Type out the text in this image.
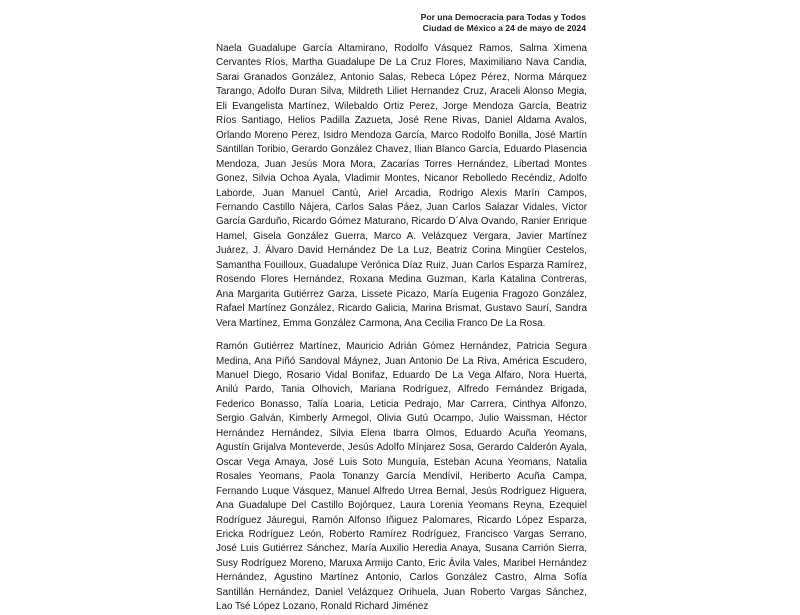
Por una Democracia para Todas y Todos
Ciudad de México a 24 de mayo de 2024

Naela Guadalupe García Altamirano, Rodolfo Vásquez Ramos, Salma Ximena Cervantes Ríos, Martha Guadalupe De La Cruz Flores, Maximiliano Nava Candia, Sarai Granados González, Antonio Salas, Rebeca López Pérez, Norma Márquez Tarango, Adolfo Duran Silva, Mildreth Liliet Hernandez Cruz, Araceli Alonso Megia, Eli Evangelista Martínez, Wilebaldo Ortiz Perez, Jorge Mendoza García, Beatriz Ríos Santiago, Helios Padilla Zazueta, José Rene Rivas, Daniel Aldama Avalos, Orlando Moreno Perez, Isidro Mendoza García, Marco Rodolfo Bonilla, José Martín Santillan Toribio, Gerardo González Chavez, Ilian Blanco García, Eduardo Plasencia Mendoza, Juan Jesús Mora Mora, Zacarías Torres Hernández, Libertad Montes Gonez, Silvia Ochoa Ayala, Vladimir Montes, Nicanor Rebolledo Recéndiz, Adolfo Laborde, Juan Manuel Cantú, Ariel Arcadia, Rodrigo Alexis Marín Campos, Fernando Castillo Nájera, Carlos Salas Páez, Juan Carlos Salazar Vidales, Victor García Garduño, Ricardo Gómez Maturano, Ricardo D´Alva Ovando, Ranier Enrique Hamel, Gisela González Guerra, Marco A. Velázquez Vergara, Javier Martínez Juárez, J. Álvaro David Hernández De La Luz, Beatriz Corina Mingüer Cestelos, Samantha Fouilloux, Guadalupe Verónica Díaz Ruiz, Juan Carlos Esparza Ramírez, Rosendo Flores Hernández, Roxana Medina Guzman, Karla Katalina Contreras, Ana Margarita Gutiérrez Garza, Lissete Picazo, María Eugenia Fragozo González, Rafael Martínez González, Ricardo Galicia, Marina Brismat, Gustavo Saurí, Sandra Vera Martínez, Emma González Carmona, Ana Cecilia Franco De La Rosa.

Ramón Gutiérrez Martínez, Mauricio Adrián Gómez Hernández, Patricia Segura Medina, Ana Piñó Sandoval Máynez, Juan Antonio De La Riva, América Escudero, Manuel Diego, Rosario Vidal Bonifaz, Eduardo De La Vega Alfaro, Nora Huerta, Anilú Pardo, Tania Olhovich, Mariana Rodríguez, Alfredo Fernández Brigada, Federico Bonasso, Talía Loaria, Leticia Pedrajo, Mar Carrera, Cinthya Alfonzo, Sergio Galván, Kimberly Armegol, Olivia Gutú Ocampo, Julio Waissman, Héctor Hernández Hernández, Silvia Elena Ibarra Olmos, Eduardo Acuña Yeomans, Agustín Grijalva Monteverde, Jesús Adolfo Mínjarez Sosa, Gerardo Calderón Ayala, Oscar Vega Amaya, José Luis Soto Munguía, Esteban Acuna Yeomans, Natalia Rosales Yeomans, Paola Tonanzy García Mendívil, Heriberto Acuña Campa, Fernando Luque Vásquez, Manuel Alfredo Urrea Bernal, Jesús Rodríguez Higuera, Ana Guadalupe Del Castillo Bojórquez, Laura Lorenia Yeomans Reyna, Ezequiel Rodríguez Jáuregui, Ramón Alfonso Iñiguez Palomares, Ricardo López Esparza, Ericka Rodríguez León, Roberto Ramírez Rodríguez, Francisco Vargas Serrano, José Luis Gutiérrez Sánchez, María Auxilio Heredia Anaya, Susana Carrión Sierra, Susy Rodríguez Moreno, Maruxa Armijo Canto, Eric Ávila Vales, Maribel Hernández Hernández, Agustino Martínez Antonio, Carlos González Castro, Alma Sofía Santillán Hernández, Daniel Velázquez Orihuela, Juan Roberto Vargas Sánchez, Lao Tsé López Lozano, Ronald Richard Jiménez
